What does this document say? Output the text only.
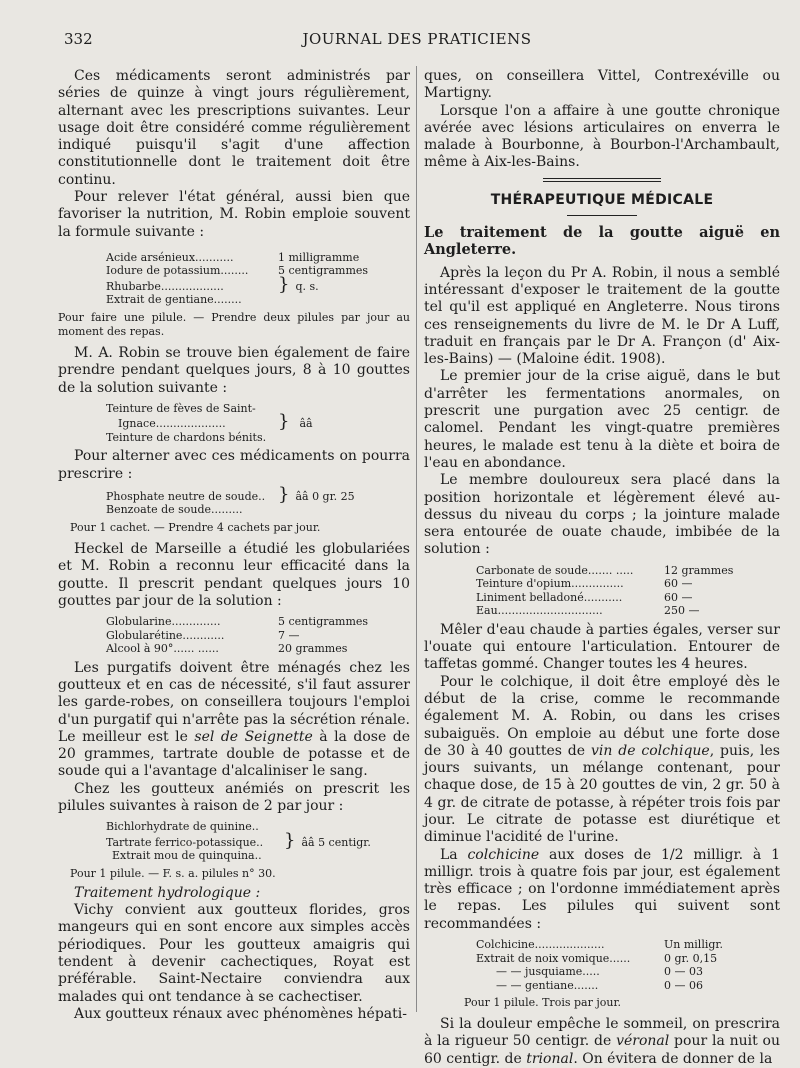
332	JOURNAL DES PRATICIENS

Ces médicaments seront administrés par séries de quinze à vingt jours régulièrement, alternant avec les prescriptions suivantes. Leur usage doit être considéré comme régulièrement indiqué puisqu'il s'agit d'une affection constitutionnelle dont le traitement doit être continu.

Pour relever l'état général, aussi bien que favoriser la nutrition, M. Robin emploie souvent la formule suivante :

Acide arsénieux...........	1 milligramme
Iodure de potassium........	5 centigrammes
Rhubarbe..................	} q. s.
Extrait de gentiane........

Pour faire une pilule. — Prendre deux pilules par jour au moment des repas.

M. A. Robin se trouve bien également de faire prendre pendant quelques jours, 8 à 10 gouttes de la solution suivante :

Teinture de fèves de Saint-
Ignace....................	} ââ
Teinture de chardons bénits.

Pour alterner avec ces médicaments on pourra prescrire :

Phosphate neutre de soude.. } ââ 0 gr. 25
Benzoate de soude.........

Pour 1 cachet. — Prendre 4 cachets par jour.

Heckel de Marseille a étudié les globulariées et M. Robin a reconnu leur efficacité dans la goutte. Il prescrit pendant quelques jours 10 gouttes par jour de la solution :

Globularine..............	5 centigrammes
Globularétine............	7 —
Alcool à 90°...... ......	20 grammes

Les purgatifs doivent être ménagés chez les goutteux et en cas de nécessité, s'il faut assurer les garde-robes, on conseillera toujours l'emploi d'un purgatif qui n'arrête pas la sécrétion rénale. Le meilleur est le sel de Seignette à la dose de 20 grammes, tartrate double de potasse et de soude qui a l'avantage d'alcaliniser le sang.

Chez les goutteux anémiés on prescrit les pilules suivantes à raison de 2 par jour :

Bichlorhydrate de quinine..
Tartrate ferrico-potassique..	} ââ 5 centigr.
Extrait mou de quinquina..

Pour 1 pilule. — F. s. a. pilules n° 30.

Traitement hydrologique :

Vichy convient aux goutteux florides, gros mangeurs qui en sont encore aux simples accès périodiques. Pour les goutteux amaigris qui tendent à devenir cachectiques, Royat est préférable. Saint-Nectaire conviendra aux malades qui ont tendance à se cachectiser.

Aux goutteux rénaux avec phénomènes hépati-

ques, on conseillera Vittel, Contrexéville ou Martigny.

Lorsque l'on a affaire à une goutte chronique avérée avec lésions articulaires on enverra le malade à Bourbonne, à Bourbon-l'Archambault, même à Aix-les-Bains.

THÉRAPEUTIQUE MÉDICALE
Le traitement de la goutte aiguë en Angleterre.

Après la leçon du Pr A. Robin, il nous a semblé intéressant d'exposer le traitement de la goutte tel qu'il est appliqué en Angleterre. Nous tirons ces renseignements du livre de M. le Dr A Luff, traduit en français par le Dr A. Françon (d' Aix-les-Bains) — (Maloine édit. 1908).

Le premier jour de la crise aiguë, dans le but d'arrêter les fermentations anormales, on prescrit une purgation avec 25 centigr. de calomel. Pendant les vingt-quatre premières heures, le malade est tenu à la diète et boira de l'eau en abondance.

Le membre douloureux sera placé dans la position horizontale et légèrement élevé au-dessus du niveau du corps ; la jointure malade sera entourée de ouate chaude, imbibée de la solution :

Carbonate de soude....... .....	12 grammes
Teinture d'opium...............	60 —
Liniment belladoné...........	60 —
Eau..............................	250 —

Mêler d'eau chaude à parties égales, verser sur l'ouate qui entoure l'articulation. Entourer de taffetas gommé. Changer toutes les 4 heures.

Pour le colchique, il doit être employé dès le début de la crise, comme le recommande également M. A. Robin, ou dans les crises subaiguës. On emploie au début une forte dose de 30 à 40 gouttes de vin de colchique, puis, les jours suivants, un mélange contenant, pour chaque dose, de 15 à 20 gouttes de vin, 2 gr. 50 à 4 gr. de citrate de potasse, à répéter trois fois par jour. Le citrate de potasse est diurétique et diminue l'acidité de l'urine.

La colchicine aux doses de 1/2 milligr. à 1 milligr. trois à quatre fois par jour, est également très efficace ; on l'ordonne immédiatement après le repas. Les pilules qui suivent sont recommandées :

Colchicine....................	Un milligr.
Extrait de noix vomique......	0 gr. 0,15
— — jusquiame.....	0 — 03
— — gentiane.......	0 — 06

Pour 1 pilule. Trois par jour.

Si la douleur empêche le sommeil, on prescrira à la rigueur 50 centigr. de véronal pour la nuit ou 60 centigr. de trional. On évitera de donner de la
